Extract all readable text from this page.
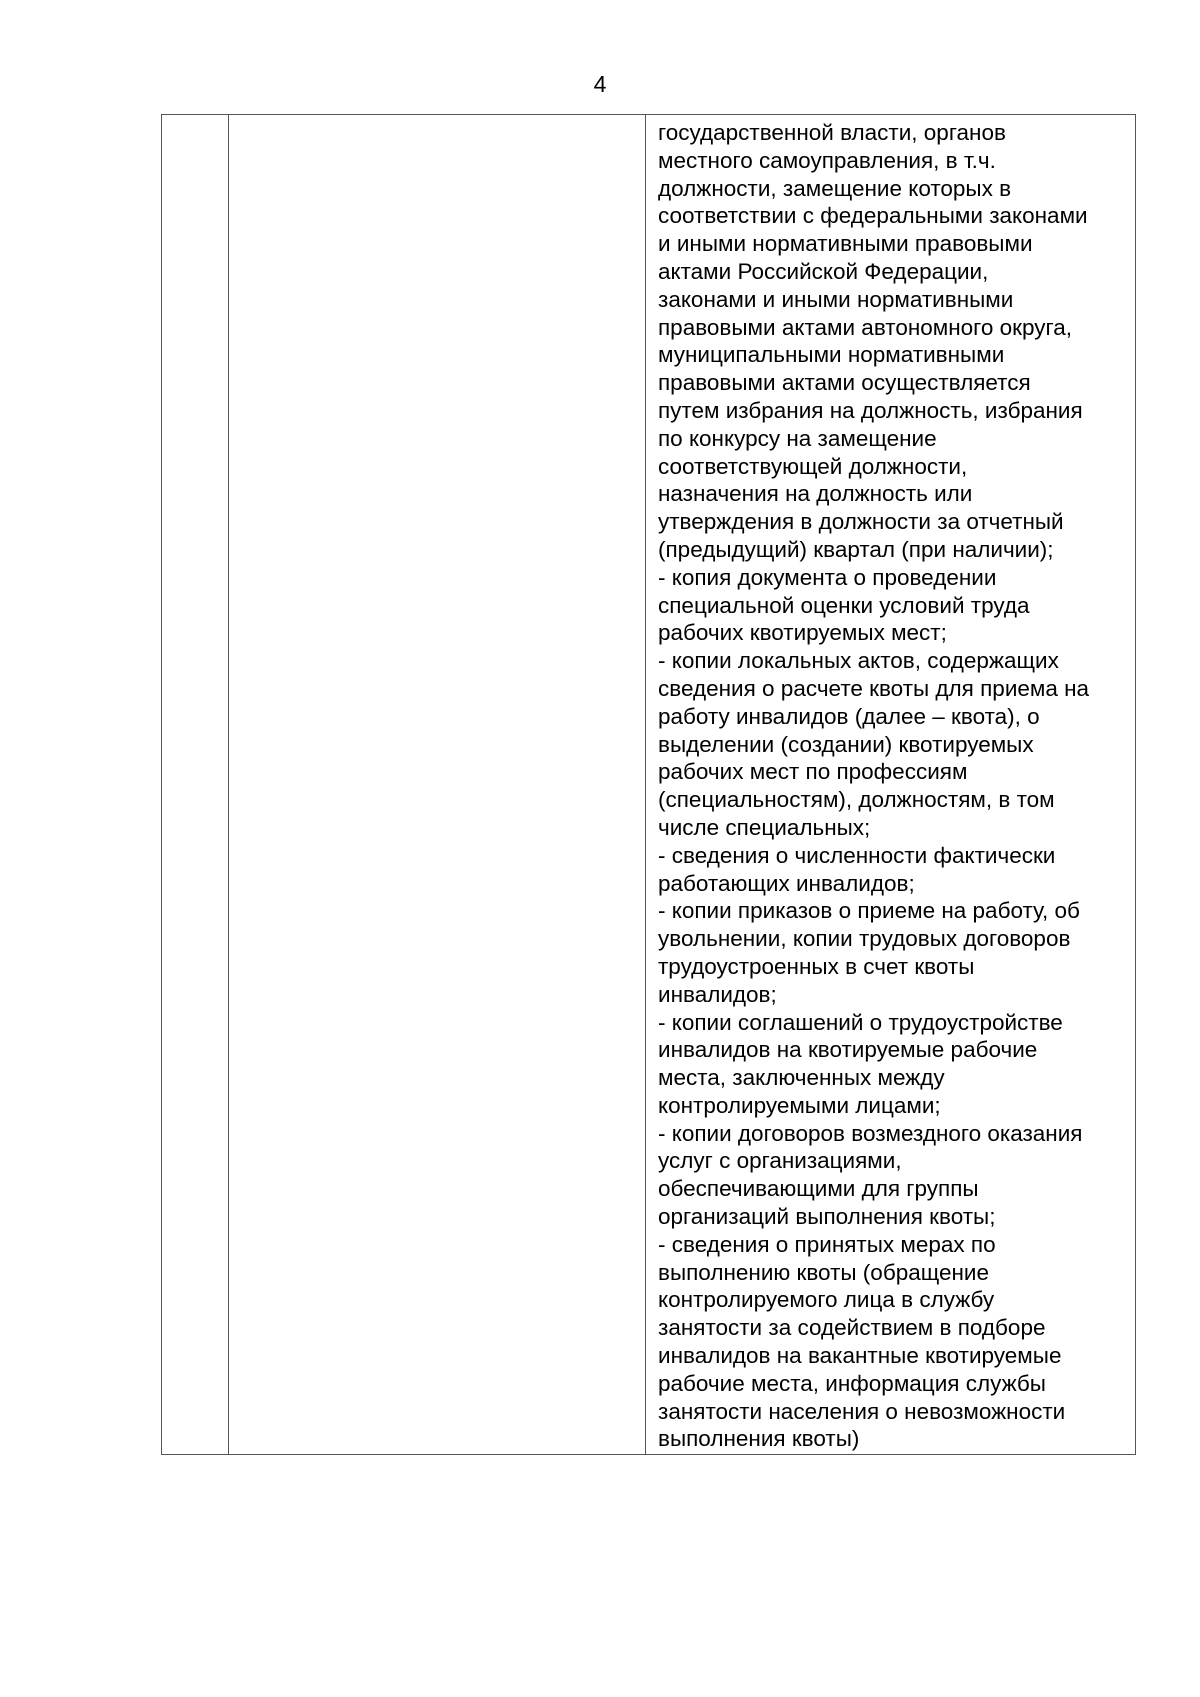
4

государственной власти, органов
местного самоуправления, в т.ч.
должности, замещение которых в
соответствии с федеральными законами
и иными нормативными правовыми
актами Российской Федерации,
законами и иными нормативными
правовыми актами автономного округа,
муниципальными нормативными
правовыми актами осуществляется
путем избрания на должность, избрания
по конкурсу на замещение
соответствующей должности,
назначения на должность или
утверждения в должности за отчетный
(предыдущий) квартал (при наличии);
- копия документа о проведении
специальной оценки условий труда
рабочих квотируемых мест;
- копии локальных актов, содержащих
сведения о расчете квоты для приема на
работу инвалидов (далее – квота), о
выделении (создании) квотируемых
рабочих мест по профессиям
(специальностям), должностям, в том
числе специальных;
- сведения о численности фактически
работающих инвалидов;
- копии приказов о приеме на работу, об
увольнении, копии трудовых договоров
трудоустроенных в счет квоты
инвалидов;
- копии соглашений о трудоустройстве
инвалидов на квотируемые рабочие
места, заключенных между
контролируемыми лицами;
- копии договоров возмездного оказания
услуг с организациями,
обеспечивающими для группы
организаций выполнения квоты;
- сведения о принятых мерах по
выполнению квоты (обращение
контролируемого лица в службу
занятости за содействием в подборе
инвалидов на вакантные квотируемые
рабочие места, информация службы
занятости населения о невозможности
выполнения квоты)
